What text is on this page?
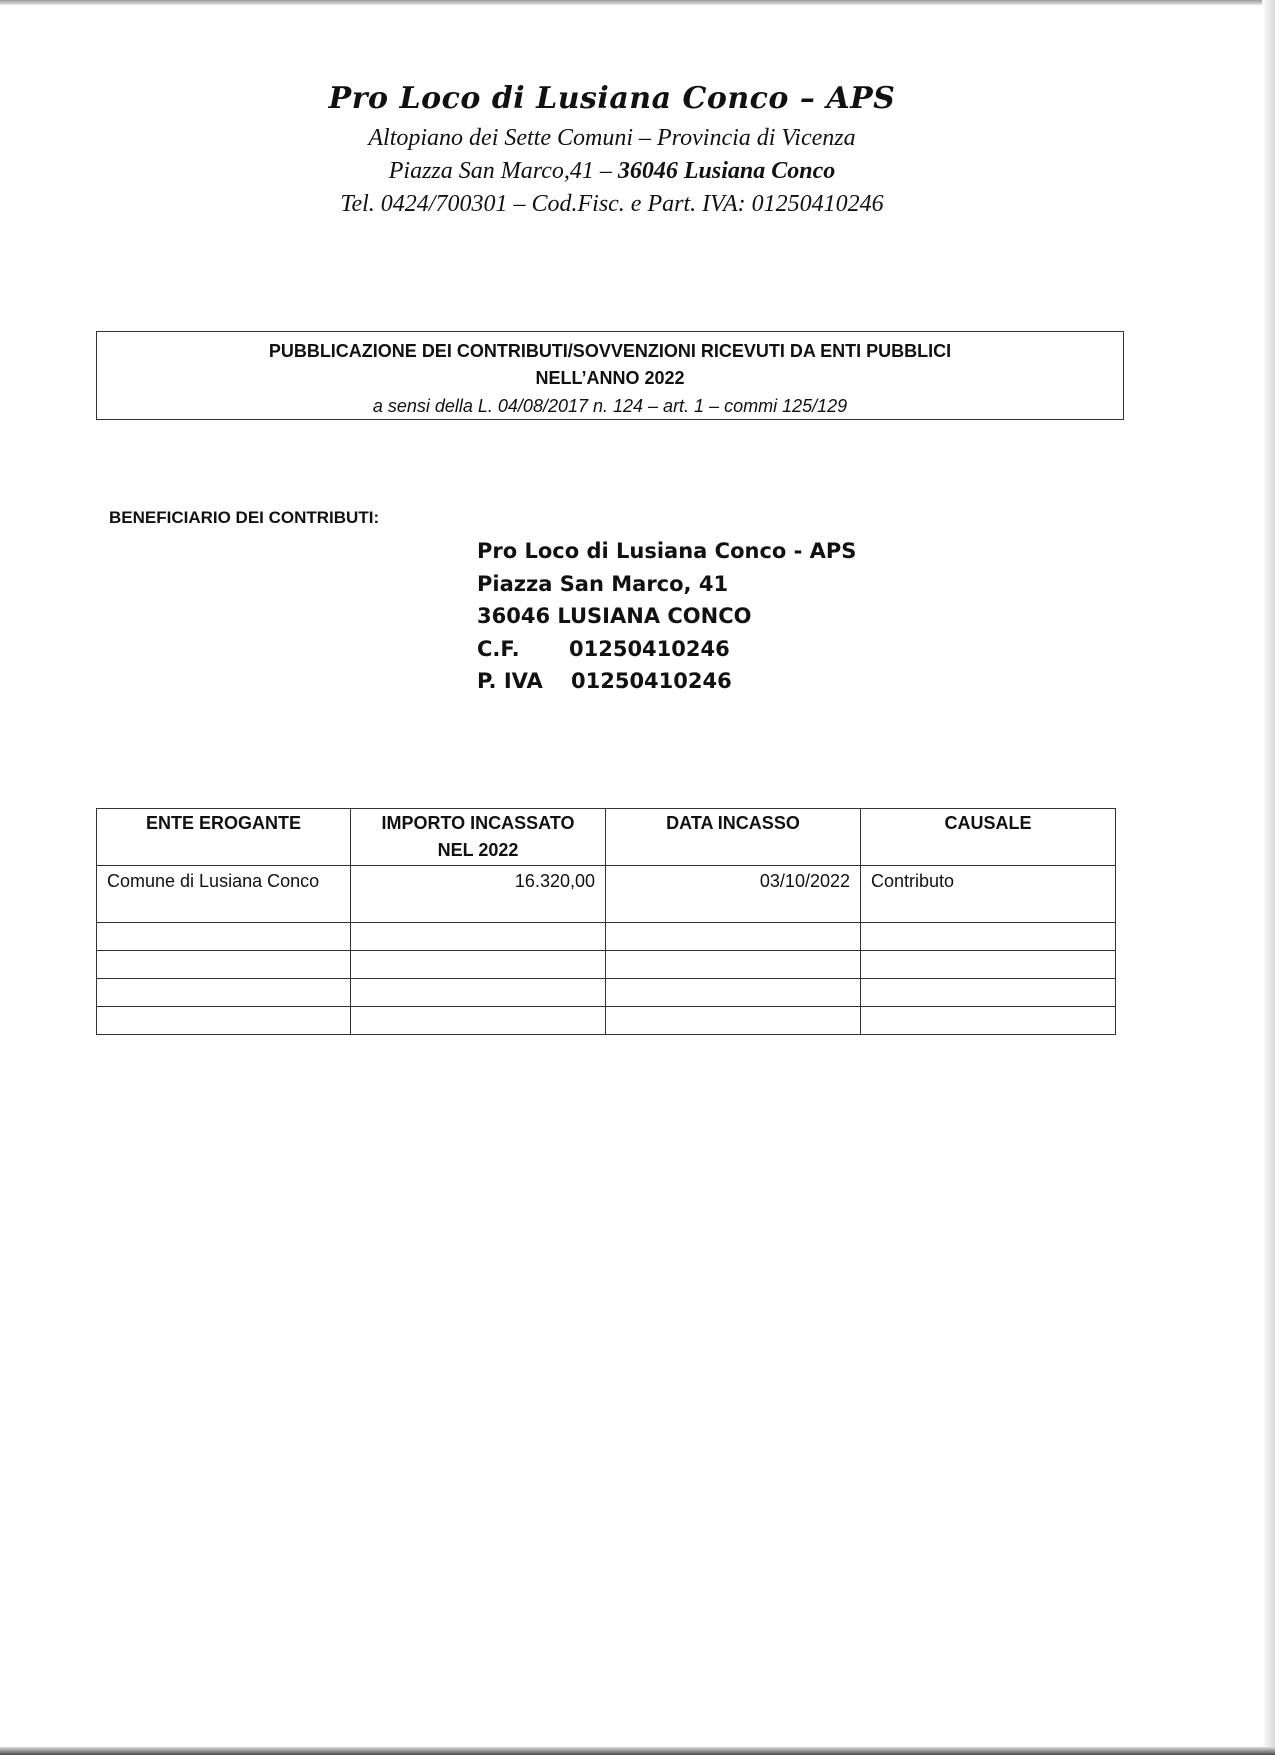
Pro Loco di Lusiana Conco – APS
Altopiano dei Sette Comuni – Provincia di Vicenza
Piazza San Marco,41 – 36046 Lusiana Conco
Tel. 0424/700301 – Cod.Fisc. e Part. IVA: 01250410246
PUBBLICAZIONE DEI CONTRIBUTI/SOVVENZIONI RICEVUTI DA ENTI PUBBLICI
NELL’ANNO 2022
a sensi della L. 04/08/2017 n. 124 – art. 1 – commi 125/129
BENEFICIARIO DEI CONTRIBUTI:
Pro Loco di Lusiana Conco - APS
Piazza San Marco, 41
36046 LUSIANA CONCO
C.F. 01250410246
P. IVA 01250410246
ENTE EROGANTE	IMPORTO INCASSATO NEL 2022	DATA INCASSO	CAUSALE
Comune di Lusiana Conco	16.320,00	03/10/2022	Contributo
